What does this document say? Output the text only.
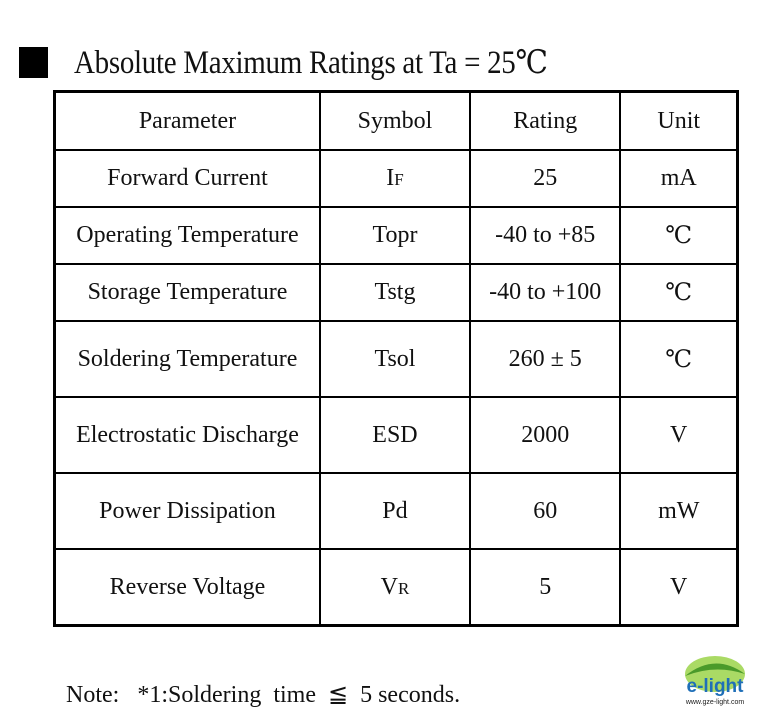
Absolute Maximum Ratings at Ta = 25℃
Parameter	Symbol	Rating	Unit
Forward Current	IF	25	mA
Operating Temperature	Topr	-40 to +85	℃
Storage Temperature	Tstg	-40 to +100	℃
Soldering Temperature	Tsol	260 ± 5	℃
Electrostatic Discharge	ESD	2000	V
Power Dissipation	Pd	60	mW
Reverse Voltage	VR	5	V
Note: *1:Soldering  time  ≦  5 seconds.	e-light
www.gze-light.com
